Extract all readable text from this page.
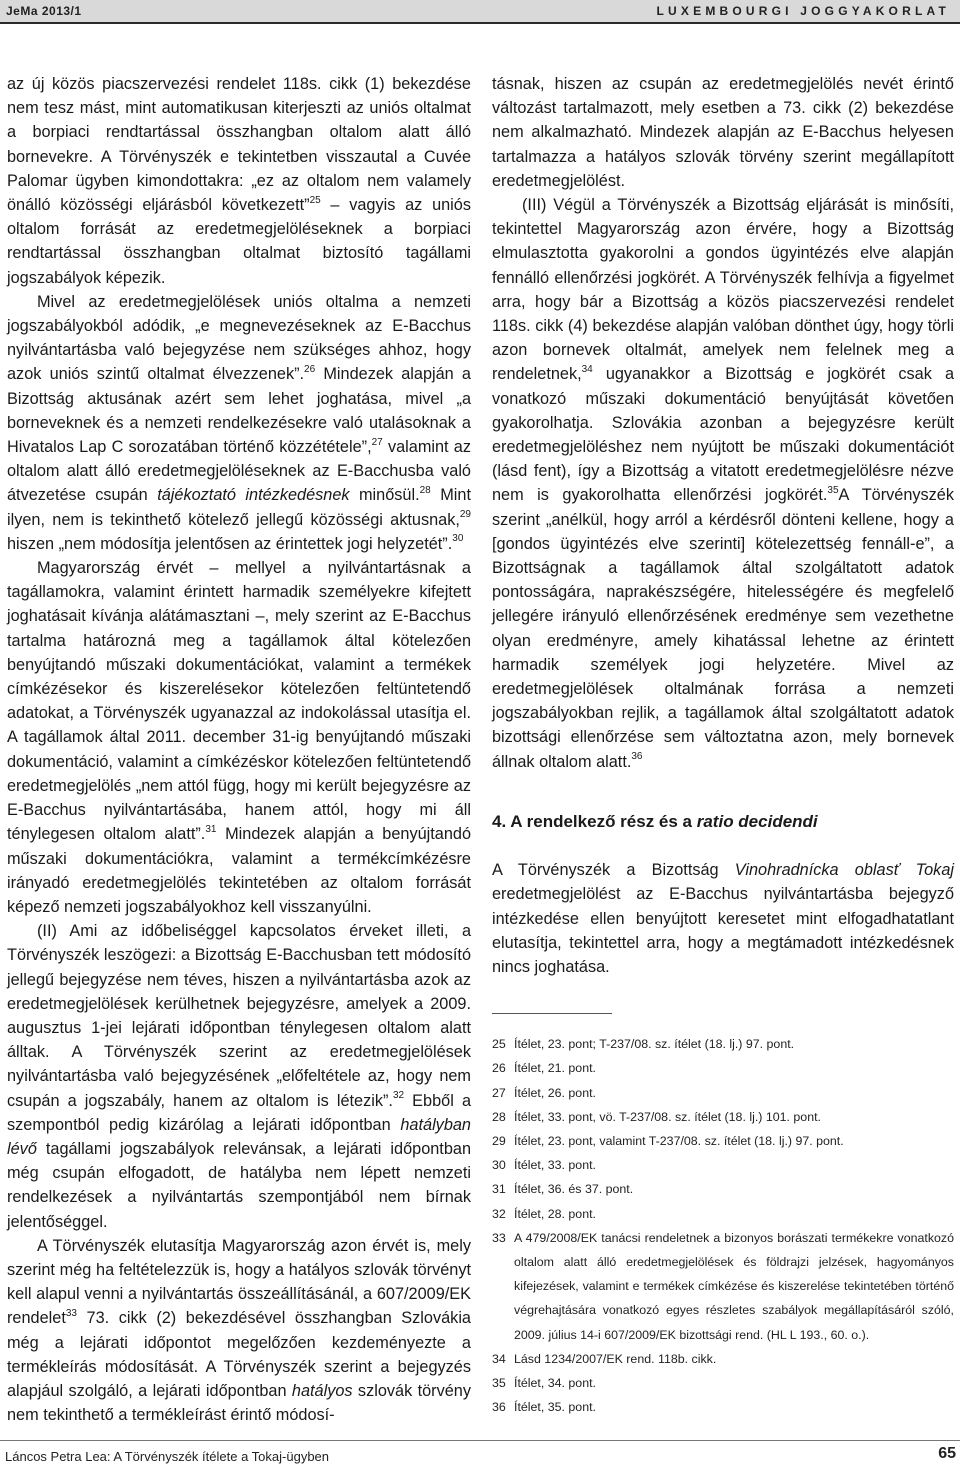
JeMa 2013/1	LUXEMBOURGI JOGGYAKORLAT

az új közös piacszervezési rendelet 118s. cikk (1) bekezdése nem tesz mást, mint automatikusan kiterjeszti az uniós oltalmat a borpiaci rendtartással összhangban oltalom alatt álló bornevekre. A Törvényszék e tekintetben visszautal a Cuvée Palomar ügyben kimondottakra: „ez az oltalom nem valamely önálló közösségi eljárásból következett”$^{25}$ – vagyis az uniós oltalom forrását az eredetmegjelöléseknek a borpiaci rendtartással összhangban oltalmat biztosító tagállami jogszabályok képezik.

Mivel az eredetmegjelölések uniós oltalma a nemzeti jogszabályokból adódik, „e megnevezéseknek az E-Bacchus nyilvántartásba való bejegyzése nem szükséges ahhoz, hogy azok uniós szintű oltalmat élvezzenek”.$^{26}$ Mindezek alapján a Bizottság aktusának azért sem lehet joghatása, mivel „a borneveknek és a nemzeti rendelkezésekre való utalásoknak a Hivatalos Lap C sorozatában történő közzététele”,$^{27}$ valamint az oltalom alatt álló eredetmegjelöléseknek az E-Bacchusba való átvezetése csupán tájékoztató intézkedésnek minősül.$^{28}$ Mint ilyen, nem is tekinthető kötelező jellegű közösségi aktusnak,$^{29}$ hiszen „nem módosítja jelentősen az érintettek jogi helyzetét”.$^{30}$

Magyarország érvét – mellyel a nyilvántartásnak a tagállamokra, valamint érintett harmadik személyekre kifejtett joghatásait kívánja alátámasztani –, mely szerint az E-Bacchus tartalma határozná meg a tagállamok által kötelezően benyújtandó műszaki dokumentációkat, valamint a termékek címkézésekor és kiszerelésekor kötelezően feltüntetendő adatokat, a Törvényszék ugyanazzal az indokolással utasítja el. A tagállamok által 2011. december 31-ig benyújtandó műszaki dokumentáció, valamint a címkézéskor kötelezően feltüntetendő eredetmegjelölés „nem attól függ, hogy mi került bejegyzésre az E-Bacchus nyilvántartásába, hanem attól, hogy mi áll ténylegesen oltalom alatt”.$^{31}$ Mindezek alapján a benyújtandó műszaki dokumentációkra, valamint a termékcímkézésre irányadó eredetmegjelölés tekintetében az oltalom forrását képező nemzeti jogszabályokhoz kell visszanyúlni.

(II) Ami az időbeliséggel kapcsolatos érveket illeti, a Törvényszék leszögezi: a Bizottság E-Bacchusban tett módosító jellegű bejegyzése nem téves, hiszen a nyilvántartásba azok az eredetmegjelölések kerülhetnek bejegyzésre, amelyek a 2009. augusztus 1-jei lejárati időpontban ténylegesen oltalom alatt álltak. A Törvényszék szerint az eredetmegjelölések nyilvántartásba való bejegyzésének „előfeltétele az, hogy nem csupán a jogszabály, hanem az oltalom is létezik”.$^{32}$ Ebből a szempontból pedig kizárólag a lejárati időpontban hatályban lévő tagállami jogszabályok relevánsak, a lejárati időpontban még csupán elfogadott, de hatályba nem lépett nemzeti rendelkezések a nyilvántartás szempontjából nem bírnak jelentőséggel.

A Törvényszék elutasítja Magyarország azon érvét is, mely szerint még ha feltételezzük is, hogy a hatályos szlovák törvényt kell alapul venni a nyilvántartás összeállításánál, a 607/2009/EK rendelet$^{33}$ 73. cikk (2) bekezdésével összhangban Szlovákia még a lejárati időpontot megelőzően kezdeményezte a termékleírás módosítását. A Törvényszék szerint a bejegyzés alapjául szolgáló, a lejárati időpontban hatályos szlovák törvény nem tekinthető a termékleírást érintő módosí-

tásnak, hiszen az csupán az eredetmegjelölés nevét érintő változást tartalmazott, mely esetben a 73. cikk (2) bekezdése nem alkalmazható. Mindezek alapján az E-Bacchus helyesen tartalmazza a hatályos szlovák törvény szerint megállapított eredetmegjelölést.

(III) Végül a Törvényszék a Bizottság eljárását is minősíti, tekintettel Magyarország azon érvére, hogy a Bizottság elmulasztotta gyakorolni a gondos ügyintézés elve alapján fennálló ellenőrzési jogkörét. A Törvényszék felhívja a figyelmet arra, hogy bár a Bizottság a közös piacszervezési rendelet 118s. cikk (4) bekezdése alapján valóban dönthet úgy, hogy törli azon bornevek oltalmát, amelyek nem felelnek meg a rendeletnek,$^{34}$ ugyanakkor a Bizottság e jogkörét csak a vonatkozó műszaki dokumentáció benyújtását követően gyakorolhatja. Szlovákia azonban a bejegyzésre került eredetmegjelöléshez nem nyújtott be műszaki dokumentációt (lásd fent), így a Bizottság a vitatott eredetmegjelölésre nézve nem is gyakorolhatta ellenőrzési jogkörét.$^{35}$A Törvényszék szerint „anélkül, hogy arról a kérdésről dönteni kellene, hogy a [gondos ügyintézés elve szerinti] kötelezettség fennáll-e”, a Bizottságnak a tagállamok által szolgáltatott adatok pontosságára, naprakészségére, hitelességére és megfelelő jellegére irányuló ellenőrzésének eredménye sem vezethetne olyan eredményre, amely kihatással lehetne az érintett harmadik személyek jogi helyzetére. Mivel az eredetmegjelölések oltalmának forrása a nemzeti jogszabályokban rejlik, a tagállamok által szolgáltatott adatok bizottsági ellenőrzése sem változtatna azon, mely bornevek állnak oltalom alatt.$^{36}$

4. A rendelkező rész és a ratio decidendi

A Törvényszék a Bizottság Vinohradnícka oblasť Tokaj eredetmegjelölést az E-Bacchus nyilvántartásba bejegyző intézkedése ellen benyújtott keresetet mint elfogadhatatlant elutasítja, tekintettel arra, hogy a megtámadott intézkedésnek nincs joghatása.

25 Ítélet, 23. pont; T-237/08. sz. ítélet (18. lj.) 97. pont.
26 Ítélet, 21. pont.
27 Ítélet, 26. pont.
28 Ítélet, 33. pont, vö. T-237/08. sz. ítélet (18. lj.) 101. pont.
29 Ítélet, 23. pont, valamint T-237/08. sz. ítélet (18. lj.) 97. pont.
30 Ítélet, 33. pont.
31 Ítélet, 36. és 37. pont.
32 Ítélet, 28. pont.
33 A 479/2008/EK tanácsi rendeletnek a bizonyos borászati termékekre vonatkozó oltalom alatt álló eredetmegjelölések és földrajzi jelzések, hagyományos kifejezések, valamint e termékek címkézése és kiszerelése tekintetében történő végrehajtására vonatkozó egyes részletes szabályok megállapításáról szóló, 2009. július 14-i 607/2009/EK bizottsági rend. (HL L 193., 60. o.).
34 Lásd 1234/2007/EK rend. 118b. cikk.
35 Ítélet, 34. pont.
36 Ítélet, 35. pont.
Láncos Petra Lea: A Törvényszék ítélete a Tokaj-ügyben	65
